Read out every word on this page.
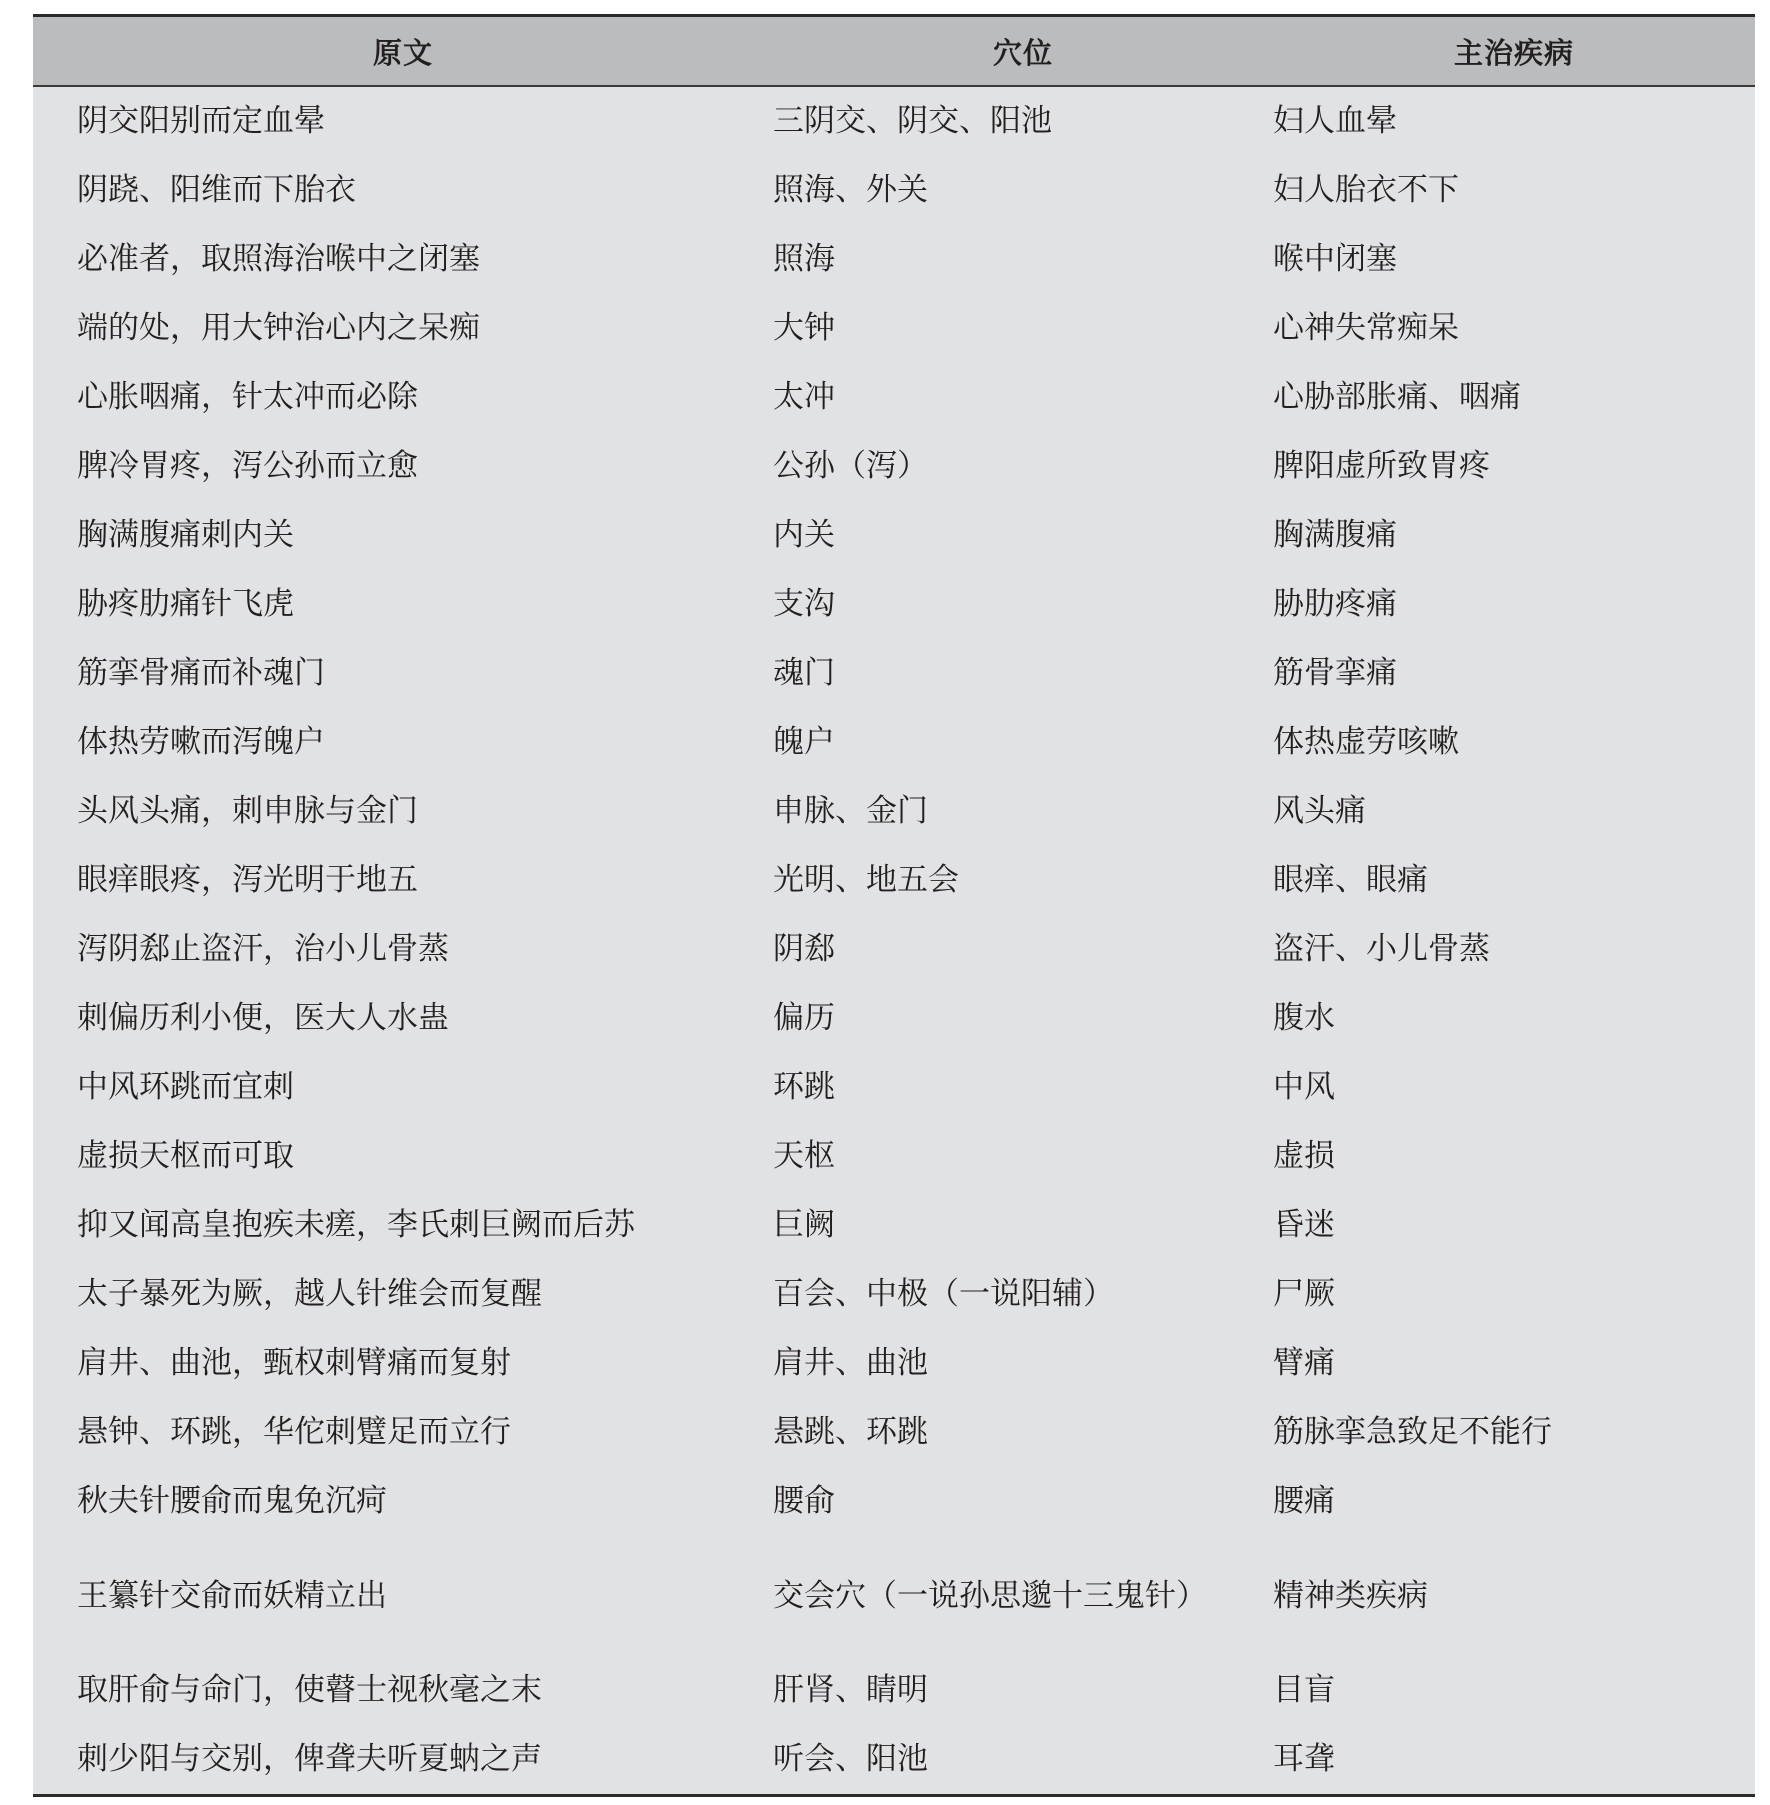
原文	穴位	主治疾病
阴交阳别而定血晕	三阴交、阴交、阳池	妇人血晕
阴跷、阳维而下胎衣	照海、外关	妇人胎衣不下
必准者，取照海治喉中之闭塞	照海	喉中闭塞
端的处，用大钟治心内之呆痴	大钟	心神失常痴呆
心胀咽痛，针太冲而必除	太冲	心胁部胀痛、咽痛
脾冷胃疼，泻公孙而立愈	公孙（泻）	脾阳虚所致胃疼
胸满腹痛刺内关	内关	胸满腹痛
胁疼肋痛针飞虎	支沟	胁肋疼痛
筋挛骨痛而补魂门	魂门	筋骨挛痛
体热劳嗽而泻魄户	魄户	体热虚劳咳嗽
头风头痛，刺申脉与金门	申脉、金门	风头痛
眼痒眼疼，泻光明于地五	光明、地五会	眼痒、眼痛
泻阴郄止盗汗，治小儿骨蒸	阴郄	盗汗、小儿骨蒸
刺偏历利小便，医大人水蛊	偏历	腹水
中风环跳而宜刺	环跳	中风
虚损天枢而可取	天枢	虚损
抑又闻高皇抱疾未瘥，李氏刺巨阙而后苏	巨阙	昏迷
太子暴死为厥，越人针维会而复醒	百会、中极（一说阳辅）	尸厥
肩井、曲池，甄权刺臂痛而复射	肩井、曲池	臂痛
悬钟、环跳，华佗刺躄足而立行	悬跳、环跳	筋脉挛急致足不能行
秋夫针腰俞而鬼免沉疴	腰俞	腰痛
王纂针交俞而妖精立出	交会穴（一说孙思邈十三鬼针）	精神类疾病
取肝俞与命门，使瞽士视秋毫之末	肝肾、睛明	目盲
刺少阳与交别，俾聋夫听夏蚋之声	听会、阳池	耳聋
